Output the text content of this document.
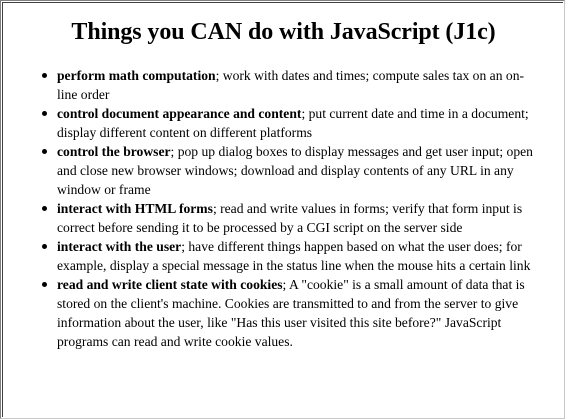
Things you CAN do with JavaScript (J1c)
perform math computation; work with dates and times; compute sales tax on an on-line order
control document appearance and content; put current date and time in a document; display different content on different platforms
control the browser; pop up dialog boxes to display messages and get user input; open and close new browser windows; download and display contents of any URL in any window or frame
interact with HTML forms; read and write values in forms; verify that form input is correct before sending it to be processed by a CGI script on the server side
interact with the user; have different things happen based on what the user does; for example, display a special message in the status line when the mouse hits a certain link
read and write client state with cookies; A "cookie" is a small amount of data that is stored on the client's machine. Cookies are transmitted to and from the server to give information about the user, like "Has this user visited this site before?" JavaScript programs can read and write cookie values.
